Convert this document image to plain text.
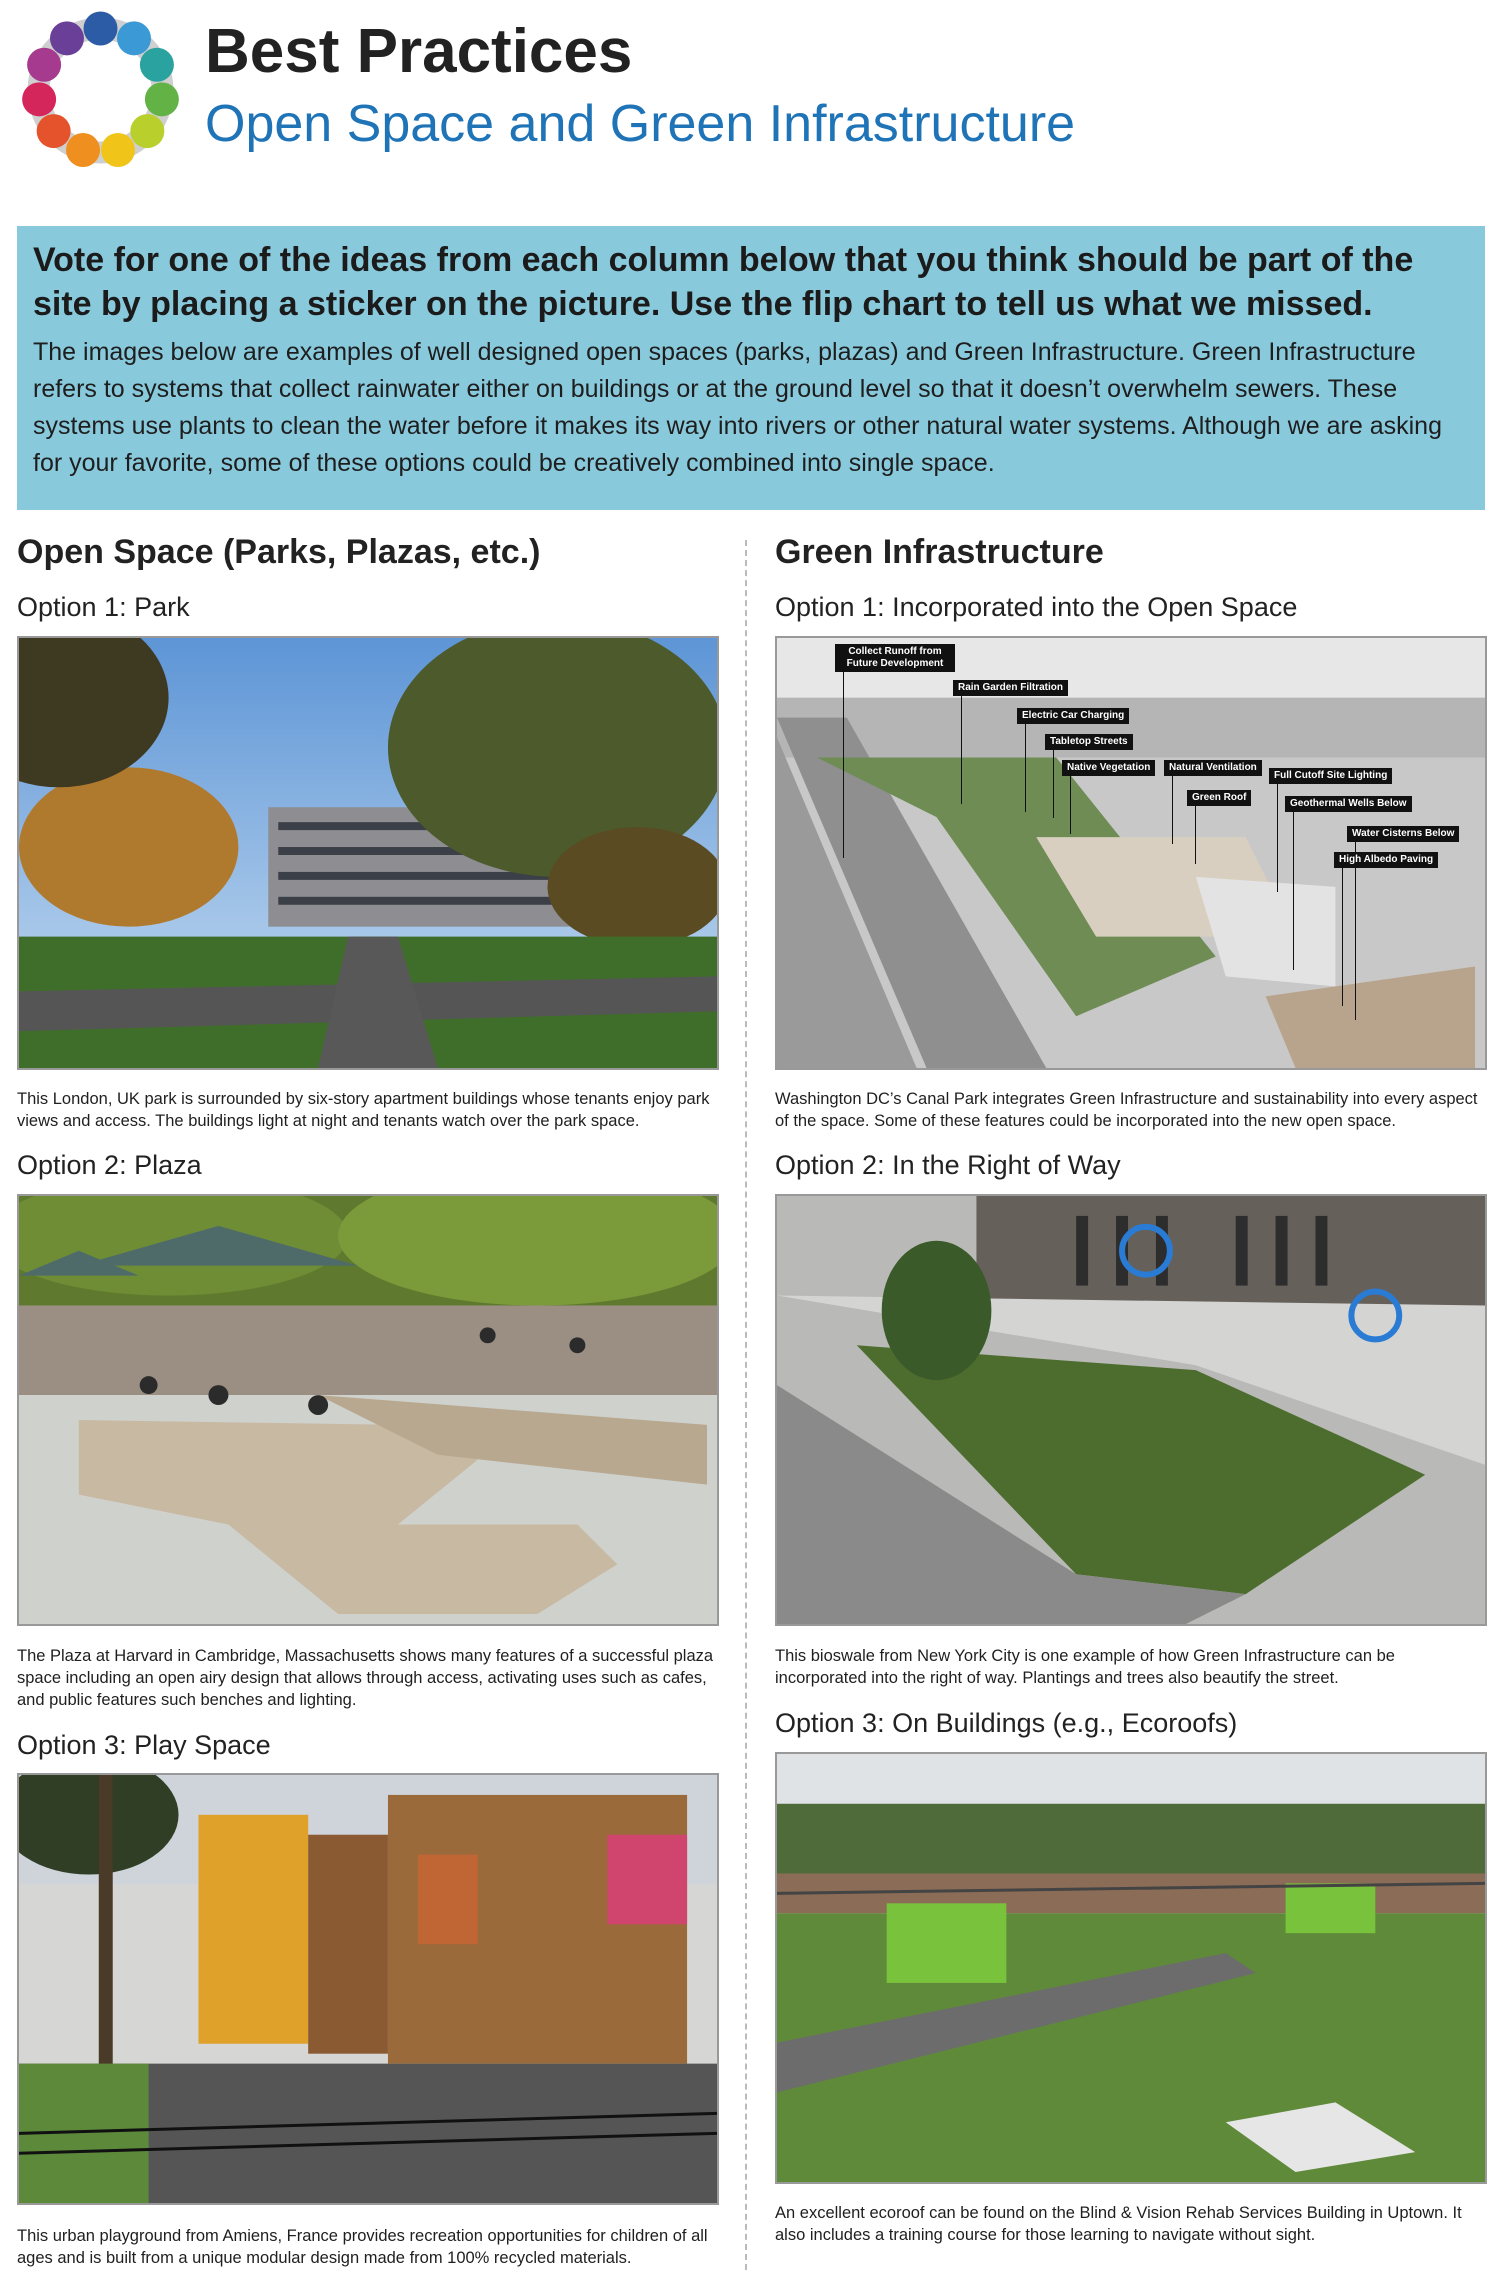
Best Practices
Open Space and Green Infrastructure
Vote for one of the ideas from each column below that you think should be part of the site by placing a sticker on the picture. Use the flip chart to tell us what we missed.
The images below are examples of well designed open spaces (parks, plazas) and Green Infrastructure. Green Infrastructure refers to systems that collect rainwater either on buildings or at the ground level so that it doesn’t overwhelm sewers. These systems use plants to clean the water before it makes its way into rivers or other natural water systems. Although we are asking for your favorite, some of these options could be creatively combined into single space.
Open Space (Parks, Plazas, etc.)
Option 1: Park
This London, UK park is surrounded by six-story apartment buildings whose tenants enjoy park views and access. The buildings light at night and tenants watch over the park space.
Option 2: Plaza
The Plaza at Harvard in Cambridge, Massachusetts shows many features of a successful plaza space including an open airy design that allows through access, activating uses such as cafes, and public features such benches and lighting.
Option 3: Play Space
This urban playground from Amiens, France provides recreation opportunities for children of all ages and is built from a unique modular design made from 100% recycled materials.
Green Infrastructure
Option 1: Incorporated into the Open Space
Collect Runoff from Future Development
Rain Garden Filtration
Electric Car Charging
Tabletop Streets
Native Vegetation	Natural Ventilation
Green Roof
Full Cutoff Site Lighting
Geothermal Wells Below
Water Cisterns Below
High Albedo Paving
Washington DC’s Canal Park integrates Green Infrastructure and sustainability into every aspect of the space. Some of these features could be incorporated into the new open space.
Option 2: In the Right of Way
This bioswale from New York City is one example of how Green Infrastructure can be incorporated into the right of way. Plantings and trees also beautify the street.
Option 3: On Buildings (e.g., Ecoroofs)
An excellent ecoroof can be found on the Blind & Vision Rehab Services Building in Uptown. It also includes a training course for those learning to navigate without sight.
